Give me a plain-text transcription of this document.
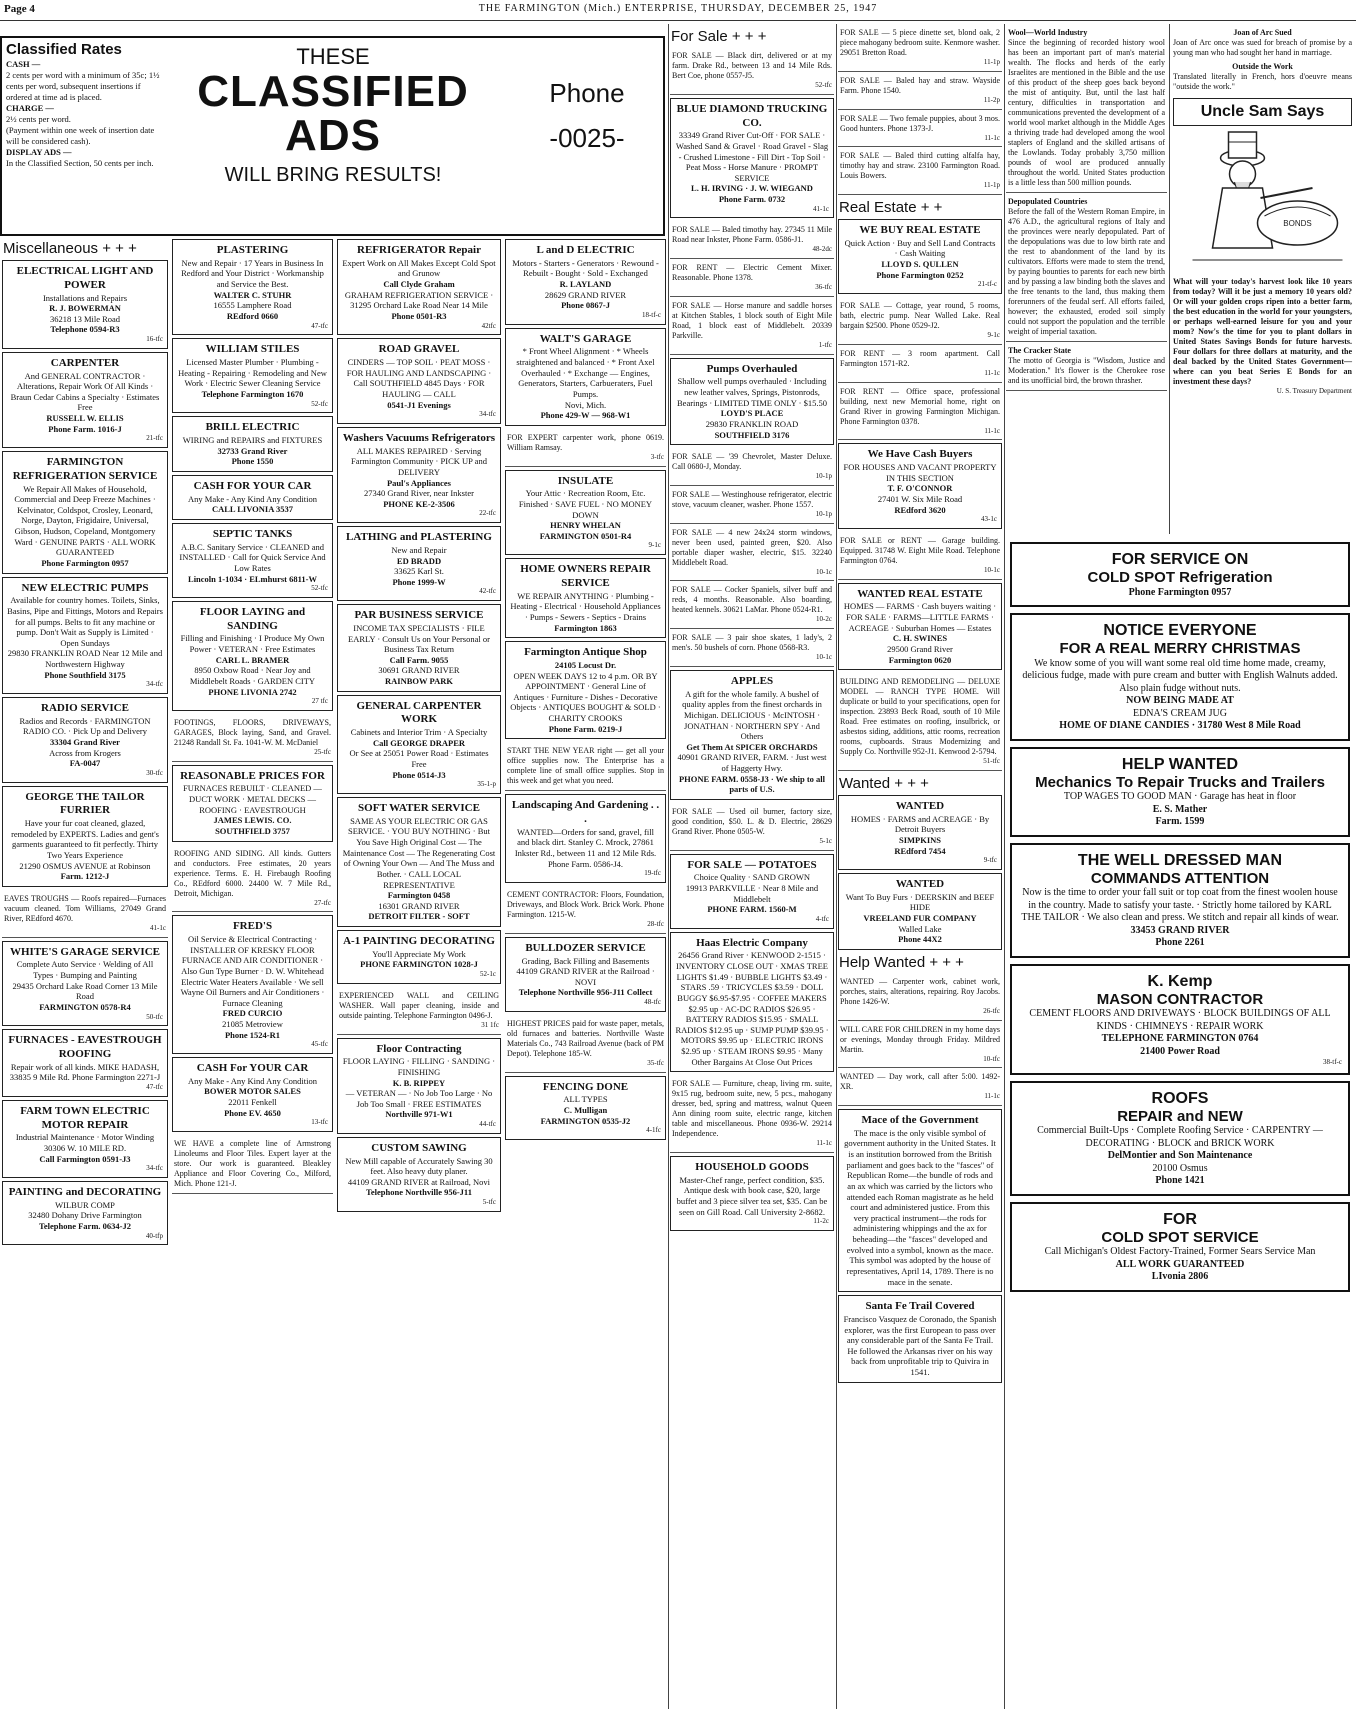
Page 4	THE FARMINGTON (Mich.) ENTERPRISE, THURSDAY, DECEMBER 25, 1947
Classified Rates
CASH —
2 cents per word with a minimum of 35c; 1½ cents per word, subsequent insertions if ordered at time ad is placed.
CHARGE —
2½ cents per word.
(Payment within one week of insertion date will be considered cash).
DISPLAY ADS —
In the Classified Section, 50 cents per inch.
THESE
CLASSIFIED
ADS
WILL BRING RESULTS!
Phone
-0025-
Miscellaneous + + +
ELECTRICAL LIGHT AND POWER
Installations and Repairs
R. J. BOWERMAN
36218 13 Mile Road
Telephone 0594-R3
16-tfc
CARPENTER
And GENERAL CONTRACTOR · Alterations, Repair Work Of All Kinds · Braun Cedar Cabins a Specialty · Estimates Free
RUSSELL W. ELLIS
Phone Farm. 1016-J
21-tfc
FARMINGTON REFRIGERATION SERVICE
We Repair All Makes of Household, Commercial and Deep Freeze Machines · Kelvinator, Coldspot, Crosley, Leonard, Norge, Dayton, Frigidaire, Universal, Gibson, Hudson, Copeland, Montgomery Ward · GENUINE PARTS · ALL WORK GUARANTEED
Phone Farmington 0957
NEW ELECTRIC PUMPS
Available for country homes. Toilets, Sinks, Basins, Pipe and Fittings, Motors and Repairs for all pumps. Belts to fit any machine or pump. Don't Wait as Supply is Limited · Open Sundays
29830 FRANKLIN ROAD Near 12 Mile and Northwestern Highway
Phone Southfield 3175
34-tfc
RADIO SERVICE
Radios and Records · FARMINGTON RADIO CO. · Pick Up and Delivery
33304 Grand River
Across from Krogers
FA-0047
30-tfc
GEORGE THE TAILOR FURRIER
Have your fur coat cleaned, glazed, remodeled by EXPERTS. Ladies and gent's garments guaranteed to fit perfectly. Thirty Two Years Experience
21290 OSMUS AVENUE at Robinson
Farm. 1212-J
EAVES TROUGHS — Roofs repaired—Furnaces vacuum cleaned. Tom Williams, 27049 Grand River, REdford 4670.
41-1c
WHITE'S GARAGE SERVICE
Complete Auto Service · Welding of All Types · Bumping and Painting
29435 Orchard Lake Road Corner 13 Mile Road
FARMINGTON 0578-R4
50-tfc
FURNACES - EAVESTROUGH ROOFING
Repair work of all kinds. MIKE HADASH, 33835 9 Mile Rd. Phone Farmington 2271-J
47-tfc
FARM TOWN ELECTRIC MOTOR REPAIR
Industrial Maintenance · Motor Winding
30306 W. 10 MILE RD.
Call Farmington 0591-J3
34-tfc
PAINTING and DECORATING
WILBUR COMP
32480 Dohany Drive Farmington
Telephone Farm. 0634-J2
40-tfp
PLASTERING
New and Repair · 17 Years in Business In Redford and Your District · Workmanship and Service the Best.
WALTER C. STUHR
16555 Lamphere Road
REdford 0660
47-tfc
WILLIAM STILES
Licensed Master Plumber · Plumbing - Heating - Repairing · Remodeling and New Work · Electric Sewer Cleaning Service
Telephone Farmington 1670
52-tfc
BRILL ELECTRIC
WIRING and REPAIRS and FIXTURES
32733 Grand River
Phone 1550
CASH FOR YOUR CAR
Any Make - Any Kind Any Condition
CALL LIVONIA 3537
SEPTIC TANKS
A.B.C. Sanitary Service · CLEANED and INSTALLED · Call for Quick Service And Low Rates
Lincoln 1-1034 · ELmhurst 6811-W
52-tfc
FLOOR LAYING and SANDING
Filling and Finishing · I Produce My Own Power · VETERAN · Free Estimates
CARL L. BRAMER
8950 Oxbow Road · Near Joy and Middlebelt Roads · GARDEN CITY
PHONE LIVONIA 2742
27 tfc
FOOTINGS, FLOORS, DRIVEWAYS, GARAGES, Block laying, Sand, and Gravel. 21248 Randall St. Fa. 1041-W. M. McDaniel
25-tfc
REASONABLE PRICES FOR
FURNACES REBUILT · CLEANED — DUCT WORK · METAL DECKS — ROOFING · EAVESTROUGH
JAMES LEWIS. CO.
SOUTHFIELD 3757
ROOFING AND SIDING. All kinds. Gutters and conductors. Free estimates, 20 years experience. Terms. E. H. Firebaugh Roofing Co., REdford 6000. 24400 W. 7 Mile Rd., Detroit, Michigan.
27-tfc
FRED'S
Oil Service & Electrical Contracting · INSTALLER OF KRESKY FLOOR FURNACE AND AIR CONDITIONER · Also Gun Type Burner · D. W. Whitehead Electric Water Heaters Available · We sell Wayne Oil Burners and Air Conditioners · Furnace Cleaning
FRED CURCIO
21085 Metroview
Phone 1524-R1
45-tfc
CASH For YOUR CAR
Any Make - Any Kind Any Condition
BOWER MOTOR SALES
22011 Fenkell
Phone EV. 4650
13-tfc
WE HAVE a complete line of Armstrong Linoleums and Floor Tiles. Expert layer at the store. Our work is guaranteed. Bleakley Appliance and Floor Covering Co., Milford, Mich. Phone 121-J.
REFRIGERATOR Repair
Expert Work on All Makes Except Cold Spot and Grunow
Call Clyde Graham
GRAHAM REFRIGERATION SERVICE · 31295 Orchard Lake Road Near 14 Mile
Phone 0501-R3
42tfc
ROAD GRAVEL
CINDERS — TOP SOIL · PEAT MOSS · FOR HAULING AND LANDSCAPING · Call SOUTHFIELD 4845 Days · FOR HAULING — CALL
0541-J1 Evenings
34-tfc
Washers Vacuums Refrigerators
ALL MAKES REPAIRED · Serving Farmington Community · PICK UP and DELIVERY
Paul's Appliances
27340 Grand River, near Inkster
PHONE KE-2-3506
22-tfc
LATHING and PLASTERING
New and Repair
ED BRADD
33625 Karl St.
Phone 1999-W
42-tfc
PAR BUSINESS SERVICE
INCOME TAX SPECIALISTS · FILE EARLY · Consult Us on Your Personal or Business Tax Return
Call Farm. 9055
30691 GRAND RIVER
RAINBOW PARK
GENERAL CARPENTER WORK
Cabinets and Interior Trim · A Specialty
Call GEORGE DRAPER
Or See at 25051 Power Road · Estimates Free
Phone 0514-J3
35-1-p
SOFT WATER SERVICE
SAME AS YOUR ELECTRIC OR GAS SERVICE. · YOU BUY NOTHING · But You Save High Original Cost — The Maintenance Cost — The Regenerating Cost of Owning Your Own — And The Muss and Bother. · CALL LOCAL REPRESENTATIVE
Farmington 0458
16301 GRAND RIVER
DETROIT FILTER - SOFT
A-1 PAINTING DECORATING
You'll Appreciate My Work
PHONE FARMINGTON 1028-J
52-1c
EXPERIENCED WALL and CEILING WASHER. Wall paper cleaning, inside and outside painting. Telephone Farmington 0496-J.
31 1fc
Floor Contracting
FLOOR LAYING · FILLING · SANDING · FINISHING
K. B. RIPPEY
— VETERAN — · No Job Too Large · No Job Too Small · FREE ESTIMATES
Northville 971-W1
44-tfc
CUSTOM SAWING
New Mill capable of Accurately Sawing 30 feet. Also heavy duty planer.
44109 GRAND RIVER at Railroad, Novi
Telephone Northville 956-J11
5-tfc
L and D ELECTRIC
Motors - Starters - Generators · Rewound - Rebuilt - Bought · Sold - Exchanged
R. LAYLAND
28629 GRAND RIVER
Phone 0867-J
18-tf-c
WALT'S GARAGE
* Front Wheel Alignment · * Wheels straightened and balanced · * Front Axel Overhauled · * Exchange — Engines, Generators, Starters, Carbueraters, Fuel Pumps.
Novi, Mich.
Phone 429-W — 968-W1
FOR EXPERT carpenter work, phone 0619. William Ramsay.
3-tfc
INSULATE
Your Attic · Recreation Room, Etc. Finished · SAVE FUEL · NO MONEY DOWN
HENRY WHELAN
FARMINGTON 0501-R4
9-1c
HOME OWNERS REPAIR SERVICE
WE REPAIR ANYTHING · Plumbing - Heating - Electrical · Household Appliances · Pumps - Sewers - Septics - Drains
Farmington 1863
Farmington Antique Shop
24105 Locust Dr.
OPEN WEEK DAYS 12 to 4 p.m. OR BY APPOINTMENT · General Line of Antiques · Furniture - Dishes - Decorative Objects · ANTIQUES BOUGHT & SOLD · CHARITY CROOKS
Phone Farm. 0219-J
START THE NEW YEAR right — get all your office supplies now. The Enterprise has a complete line of small office supplies. Stop in this week and get what you need.
Landscaping And Gardening . . .
WANTED—Orders for sand, gravel, fill and black dirt. Stanley C. Mrock, 27861 Inkster Rd., between 11 and 12 Mile Rds. Phone Farm. 0586-J4.
19-tfc
CEMENT CONTRACTOR: Floors, Foundation, Driveways, and Block Work. Brick Work. Phone Farmington. 1215-W.
28-tfc
BULLDOZER SERVICE
Grading, Back Filling and Basements
44109 GRAND RIVER at the Railroad · NOVI
Telephone Northville 956-J11 Collect
48-tfc
HIGHEST PRICES paid for waste paper, metals, old furnaces and batteries. Northville Waste Materials Co., 743 Railroad Avenue (back of PM Depot). Telephone 185-W.
35-tfc
FENCING DONE
ALL TYPES
C. Mulligan
FARMINGTON 0535-J2
4-1fc
For Sale + + +
FOR SALE — Black dirt, delivered or at my farm. Drake Rd., between 13 and 14 Mile Rds. Bert Coe, phone 0557-J5.
52-tfc
BLUE DIAMOND TRUCKING CO.
33349 Grand River Cut-Off · FOR SALE · Washed Sand & Gravel · Road Gravel - Slag - Crushed Limestone - Fill Dirt - Top Soil · Peat Moss - Horse Manure · PROMPT SERVICE
L. H. IRVING · J. W. WIEGAND
Phone Farm. 0732
41-1c
FOR SALE — Baled timothy hay. 27345 11 Mile Road near Inkster, Phone Farm. 0586-J1.
48-2dc
FOR RENT — Electric Cement Mixer. Reasonable. Phone 1378.
36-tfc
FOR SALE — Horse manure and saddle horses at Kitchen Stables, 1 block south of Eight Mile Road, 1 block east of Middlebelt. 20339 Parkville.
1-tfc
Pumps Overhauled
Shallow well pumps overhauled · Including new leather valves, Springs, Pistonrods, Bearings · LIMITED TIME ONLY · $15.50
LOYD'S PLACE
29830 FRANKLIN ROAD
SOUTHFIELD 3176
FOR SALE — '39 Chevrolet, Master Deluxe. Call 0680-J, Monday.
10-1p
FOR SALE — Westinghouse refrigerator, electric stove, vacuum cleaner, washer. Phone 1557.
10-1p
FOR SALE — 4 new 24x24 storm windows, never been used, painted green, $20. Also portable diaper washer, electric, $15. 32240 Middlebelt Road.
10-1c
FOR SALE — Cocker Spaniels, silver buff and reds, 4 months. Reasonable. Also boarding, heated kennels. 30621 LaMar. Phone 0524-R1.
10-2c
FOR SALE — 3 pair shoe skates, 1 lady's, 2 men's. 50 bushels of corn. Phone 0568-R3.
10-1c
APPLES
A gift for the whole family. A bushel of quality apples from the finest orchards in Michigan. DELICIOUS · McINTOSH · JONATHAN · NORTHERN SPY · And Others
Get Them At SPICER ORCHARDS
40901 GRAND RIVER, FARM. · Just west of Haggerty Hwy.
PHONE FARM. 0558-J3 · We ship to all parts of U.S.
FOR SALE — Used oil burner, factory size, good condition, $50. L. & D. Electric, 28629 Grand River. Phone 0505-W.
5-1c
FOR SALE — POTATOES
Choice Quality · SAND GROWN
19913 PARKVILLE · Near 8 Mile and Middlebelt
PHONE FARM. 1560-M
4-tfc
Haas Electric Company
26456 Grand River · KENWOOD 2-1515 · INVENTORY CLOSE OUT · XMAS TREE LIGHTS $1.49 · BUBBLE LIGHTS $3.49 · STARS .59 · TRICYCLES $3.59 · DOLL BUGGY $6.95-$7.95 · COFFEE MAKERS $2.95 up · AC-DC RADIOS $26.95 · BATTERY RADIOS $15.95 · SMALL RADIOS $12.95 up · SUMP PUMP $39.95 · MOTORS $9.95 up · ELECTRIC IRONS $2.95 up · STEAM IRONS $9.95 · Many Other Bargains At Close Out Prices
FOR SALE — Furniture, cheap, living rm. suite, 9x15 rug, bedroom suite, new, 5 pcs., mahogany dresser, bed, spring and mattress, walnut Queen Ann dining room suite, electric range, kitchen table and miscellaneous. Phone 0936-W. 29214 Independence.
11-1c
HOUSEHOLD GOODS
Master-Chef range, perfect condition, $35. Antique desk with book case, $20, large buffet and 3 piece silver tea set, $35. Can be seen on Gill Road. Call University 2-8682.
11-2c
FOR SALE — 5 piece dinette set, blond oak, 2 piece mahogany bedroom suite. Kenmore washer. 29051 Bretton Road.
11-1p
FOR SALE — Baled hay and straw. Wayside Farm. Phone 1540.
11-2p
FOR SALE — Two female puppies, about 3 mos. Good hunters. Phone 1373-J.
11-1c
FOR SALE — Baled third cutting alfalfa hay, timothy hay and straw. 23100 Farmington Road. Louis Bowers.
11-1p
Real Estate + +
WE BUY REAL ESTATE
Quick Action · Buy and Sell Land Contracts · Cash Waiting
LLOYD S. QULLEN
Phone Farmington 0252
21-tf-c
FOR SALE — Cottage, year round, 5 rooms, bath, electric pump. Near Walled Lake. Real bargain $2500. Phone 0529-J2.
9-1c
FOR RENT — 3 room apartment. Call Farmington 1571-R2.
11-1c
FOR RENT — Office space, professional building, next new Memorial home, right on Grand River in growing Farmington Michigan. Phone Farmington 0378.
11-1c
We Have Cash Buyers
FOR HOUSES AND VACANT PROPERTY IN THIS SECTION
T. F. O'CONNOR
27401 W. Six Mile Road
REdford 3620
43-1c
FOR SALE or RENT — Garage building. Equipped. 31748 W. Eight Mile Road. Telephone Farmington 0764.
10-1c
WANTED REAL ESTATE
HOMES — FARMS · Cash buyers waiting · FOR SALE · FARMS—LITTLE FARMS · ACREAGE · Suburban Homes — Estates
C. H. SWINES
29500 Grand River
Farmington 0620
BUILDING AND REMODELING — DELUXE MODEL — RANCH TYPE HOME. Will duplicate or build to your specifications, open for inspection. 23893 Beck Road, south of 10 Mile Road. Free estimates on roofing, insulbrick, or asbestos siding, additions, attic rooms, recreation rooms, cupboards. Straus Modernizing and Supply Co. Northville 952-J1. Kenwood 2-5794.
51-tfc
Wanted + + +
WANTED
HOMES · FARMS and ACREAGE · By Detroit Buyers
SIMPKINS
REdford 7454
9-tfc
WANTED
Want To Buy Furs · DEERSKIN and BEEF HIDE
VREELAND FUR COMPANY
Walled Lake
Phone 44X2
Help Wanted + + +
WANTED — Carpenter work, cabinet work, porches, stairs, alterations, repairing. Roy Jacobs. Phone 1426-W.
26-tfc
WILL CARE FOR CHILDREN in my home days or evenings, Monday through Friday. Mildred Martin.
10-tfc
WANTED — Day work, call after 5:00. 1492-XR.
11-1c
Mace of the Government
The mace is the only visible symbol of government authority in the United States. It is an institution borrowed from the British parliament and goes back to the "fasces" of Republican Rome—the bundle of rods and an ax which was carried by the lictors who attended each Roman magistrate as he held court and administered justice. From this very practical instrument—the rods for administering whippings and the ax for beheading—the "fasces" developed and evolved into a symbol, known as the mace. This symbol was adopted by the house of representatives, April 14, 1789. There is no mace in the senate.
Santa Fe Trail Covered
Francisco Vasquez de Coronado, the Spanish explorer, was the first European to pass over any considerable part of the Santa Fe Trail. He followed the Arkansas river on his way back from unprofitable trip to Quivira in 1541.
Wool—World Industry
Since the beginning of recorded history wool has been an important part of man's material wealth. The flocks and herds of the early Israelites are mentioned in the Bible and the use of this product of the sheep goes back beyond the mist of antiquity. But, until the last half century, difficulties in transportation and communications prevented the development of a world wool market although in the Middle Ages a thriving trade had developed among the wool staplers of England and the skilled artisans of the Lowlands. Today probably 3,750 million pounds of wool are produced annually throughout the world. United States production is a little less than 500 million pounds.
Depopulated Countries
Before the fall of the Western Roman Empire, in 476 A.D., the agricultural regions of Italy and the provinces were nearly depopulated. Part of the depopulations was due to low birth rate and the rest to abandonment of the land by its cultivators. Efforts were made to stem the trend, by paying bounties to parents for each new birth and by passing a law binding both the slaves and the free tenants to the land, thus making them forerunners of the feudal serf. All efforts failed, however; the exhausted, eroded soil simply could not support the population and the terrible weight of imperial taxation.
The Cracker State
The motto of Georgia is "Wisdom, Justice and Moderation." It's flower is the Cherokee rose and its unofficial bird, the brown thrasher.
Joan of Arc Sued
Joan of Arc once was sued for breach of promise by a young man who had sought her hand in marriage.
Outside the Work
Translated literally in French, hors d'oeuvre means "outside the work."
Uncle Sam Says
BONDS
What will your today's harvest look like 10 years from today? Will it be just a memory 10 years old? Or will your golden crops ripen into a better farm, the best education in the world for your youngsters, or perhaps well-earned leisure for you and your mom? Now's the time for you to plant dollars in United States Savings Bonds for future harvests. Four dollars for three dollars at maturity, and the deal backed by the United States Government—where can you beat Series E Bonds for an investment these days?
U. S. Treasury Department
FOR SERVICE ON
COLD SPOT Refrigeration
Phone Farmington 0957
NOTICE EVERYONE
FOR A REAL MERRY CHRISTMAS
We know some of you will want some real old time home made, creamy, delicious fudge, made with pure cream and butter with English Walnuts added. Also plain fudge without nuts.
NOW BEING MADE AT
EDNA'S CREAM JUG
HOME OF DIANE CANDIES · 31780 West 8 Mile Road
HELP WANTED
Mechanics To Repair Trucks and Trailers
TOP WAGES TO GOOD MAN · Garage has heat in floor
E. S. Mather
Farm. 1599
THE WELL DRESSED MAN
COMMANDS ATTENTION
Now is the time to order your fall suit or top coat from the finest woolen house in the country. Made to satisfy your taste. · Strictly home tailored by KARL THE TAILOR · We also clean and press. We stitch and repair all kinds of wear.
33453 GRAND RIVER
Phone 2261
K. Kemp
MASON CONTRACTOR
CEMENT FLOORS AND DRIVEWAYS · BLOCK BUILDINGS OF ALL KINDS · CHIMNEYS · REPAIR WORK
TELEPHONE FARMINGTON 0764
21400 Power Road
38-tf-c
ROOFS
REPAIR and NEW
Commercial Built-Ups · Complete Roofing Service · CARPENTRY — DECORATING · BLOCK and BRICK WORK
DelMontier and Son Maintenance
20100 Osmus
Phone 1421
FOR
COLD SPOT SERVICE
Call Michigan's Oldest Factory-Trained, Former Sears Service Man
ALL WORK GUARANTEED
LIvonia 2806
